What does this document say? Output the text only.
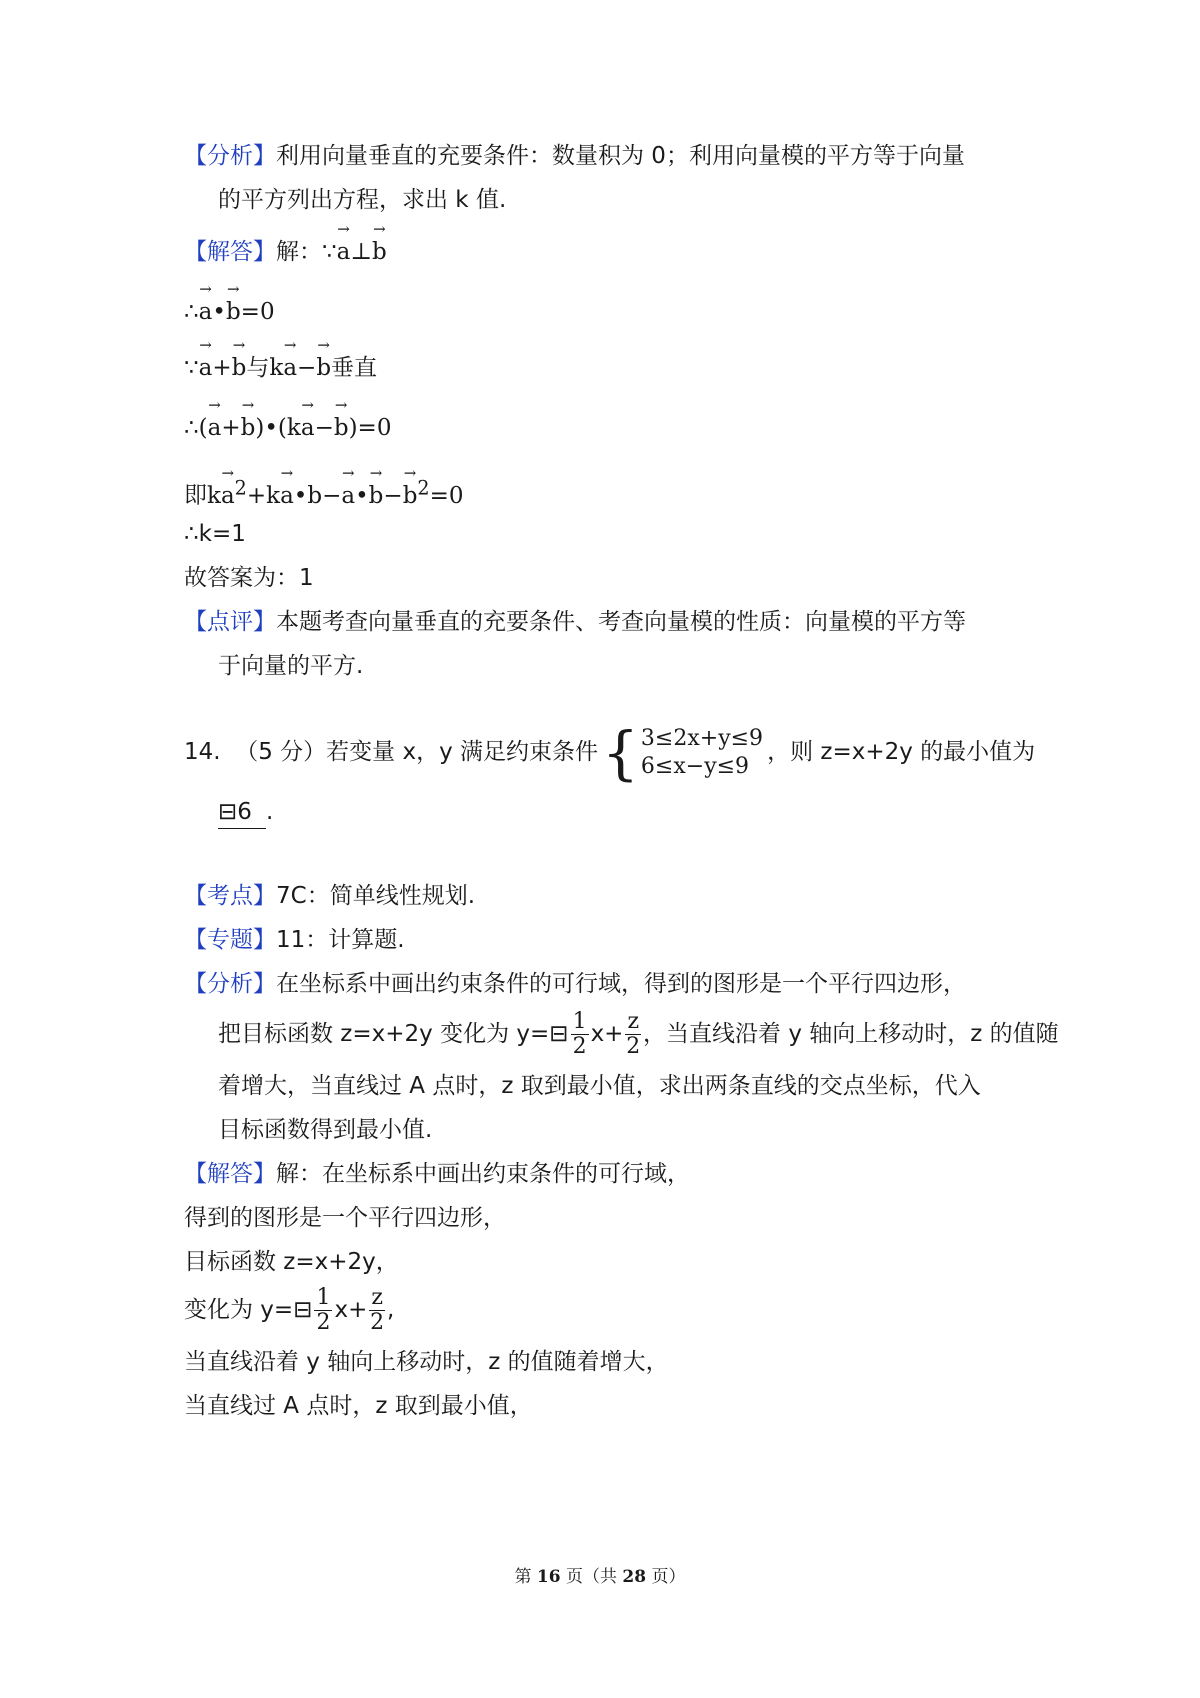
【分析】利用向量垂直的充要条件：数量积为 0；利用向量模的平方等于向量
的平方列出方程，求出 k 值.
【解答】解：∵→ a⊥→ b
∴→ a•→ b=0
∵→ a+→ b与k→ a−→ b垂直
∴(→ a+→ b)•(k→ a−→ b)=0
即$k\to a^2+k\to$ a•b−→ a•→ $b-\to b^2=0$
∴k=1
故答案为：1
【点评】本题考查向量垂直的充要条件、考查向量模的性质：向量模的平方等
于向量的平方.
14. （5 分）若变量 x，y 满足约束条件 { 3≤2x+y≤9
6≤x−y≤9
，则 z=x+2y 的最小值为
⊟6 .
【考点】7C：简单线性规划.
【专题】11：计算题.
【分析】在坐标系中画出约束条件的可行域，得到的图形是一个平行四边形，
把目标函数 z=x+2y 变化为 y=⊟ $\frac{1}{2} x+ \frac{z}{2}$ ，当直线沿着 y 轴向上移动时，z 的值随
着增大，当直线过 A 点时，z 取到最小值，求出两条直线的交点坐标，代入
目标函数得到最小值.
【解答】解：在坐标系中画出约束条件的可行域，
得到的图形是一个平行四边形，
目标函数 z=x+2y，
变化为 y=⊟ $\frac{1}{2} x+ \frac{z}{2}$ ,
当直线沿着 y 轴向上移动时，z 的值随着增大，
当直线过 A 点时，z 取到最小值，
第 16 页（共 28 页）
